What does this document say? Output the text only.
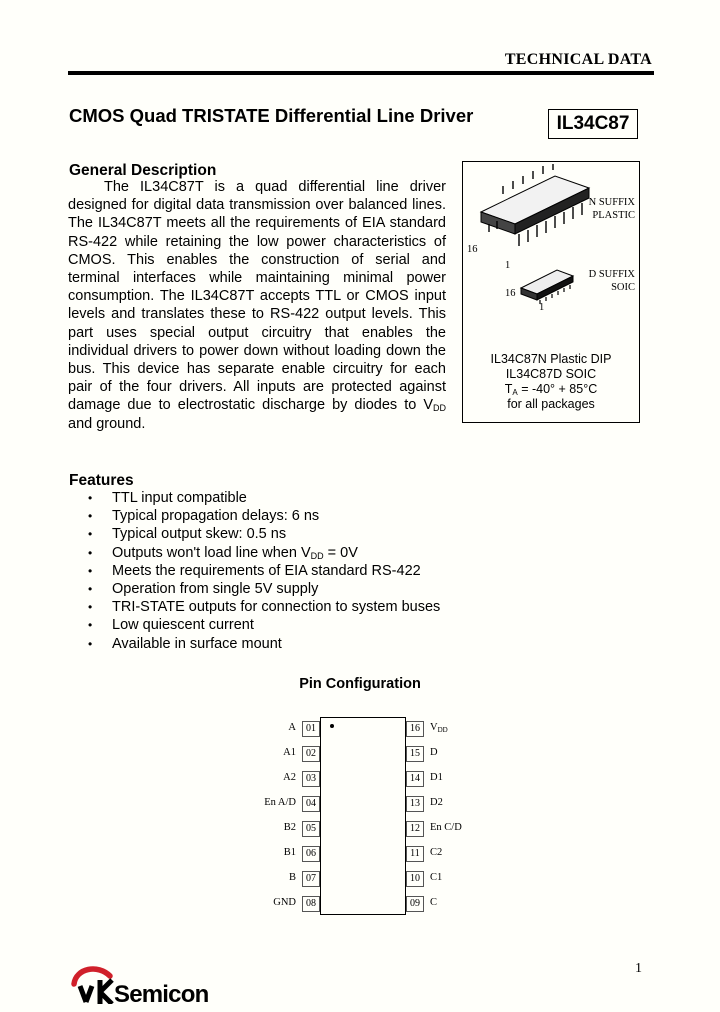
TECHNICAL DATA
CMOS Quad TRISTATE Differential Line Driver	IL34C87
General Description
The IL34C87T is a quad differential line driver designed for digital data transmission over balanced lines. The IL34C87T meets all the requirements of EIA standard RS-422 while retaining the low power characteristics of CMOS. This enables the construction of serial and terminal interfaces while maintaining minimal power consumption. The IL34C87T accepts TTL or CMOS input levels and translates these to RS-422 output levels. This part uses special output circuitry that enables the individual drivers to power down without loading down the bus. This device has separate enable circuitry for each pair of the four drivers. All inputs are protected against damage due to electrostatic discharge by diodes to $V_{DD}$ and ground.
N SUFFIX
PLASTIC
D SUFFIX
SOIC
16
1
16
1
IL34C87N Plastic DIP
IL34C87D SOIC
$T_A = -40^\circ + 85^\circ C$
for all packages
Features
• TTL input compatible
• Typical propagation delays: 6 ns
• Typical output skew: 0.5 ns
• Outputs won't load line when $V_{DD} = 0V$
• Meets the requirements of EIA standard RS-422
• Operation from single 5V supply
• TRI-STATE outputs for connection to system buses
• Low quiescent current
• Available in surface mount
Pin Configuration
01
A
02
A1
03
A2
04
En A/D
05
B2
06
B1
07
B
08
GND
16 $V_{DD}$
15 D
14 D1
13 D2
12 En C/D
11 C2
10 C1
09 C
1
Semicon
